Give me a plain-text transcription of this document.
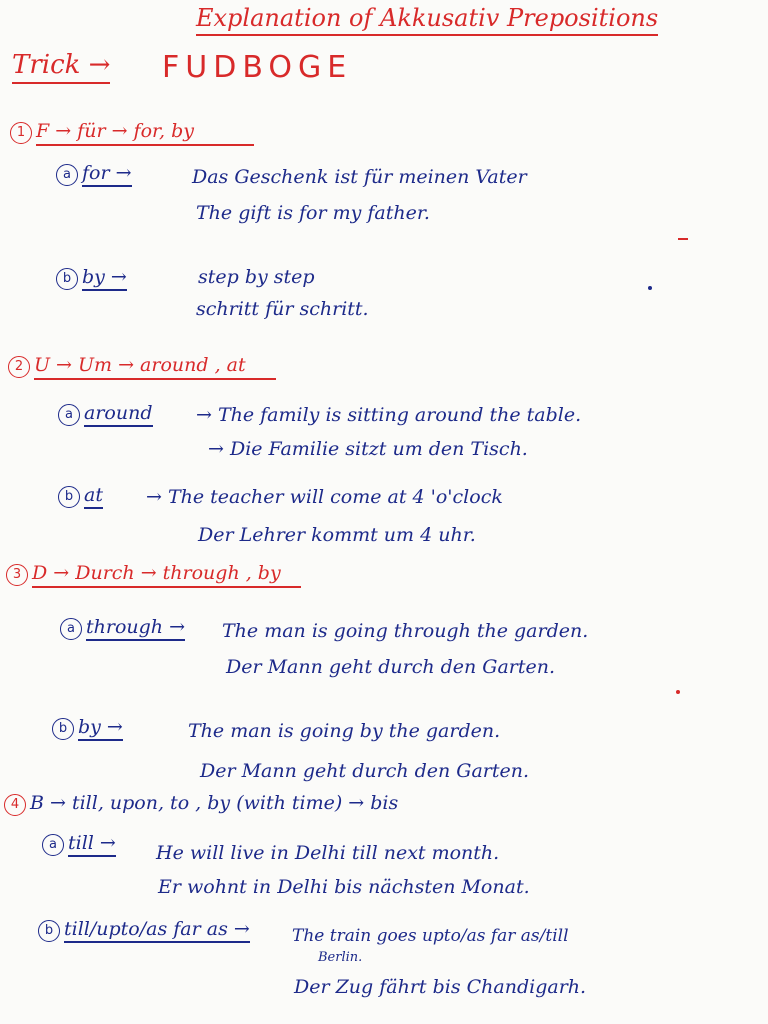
Explanation of Akkusativ Prepositions
Trick → FUDBOGE
1 F → für → for, by
a for →	Das Geschenk ist für meinen Vater
The gift is for my father.
b by →	step by step
schritt für schritt.
2 U → Um → around , at
a around → The family is sitting around the table.
→ Die Familie sitzt um den Tisch.
b at → The teacher will come at 4 'o'clock
Der Lehrer kommt um 4 uhr.
3 D → Durch → through , by
a through → The man is going through the garden.
Der Mann geht durch den Garten.
b by →	The man is going by the garden.
Der Mann geht durch den Garten.
4 B → till, upon, to , by (with time) → bis
a till → He will live in Delhi till next month.
Er wohnt in Delhi bis nächsten Monat.
b till/upto/as far as → The train goes upto/as far as/till
Berlin.
Der Zug fährt bis Chandigarh.
